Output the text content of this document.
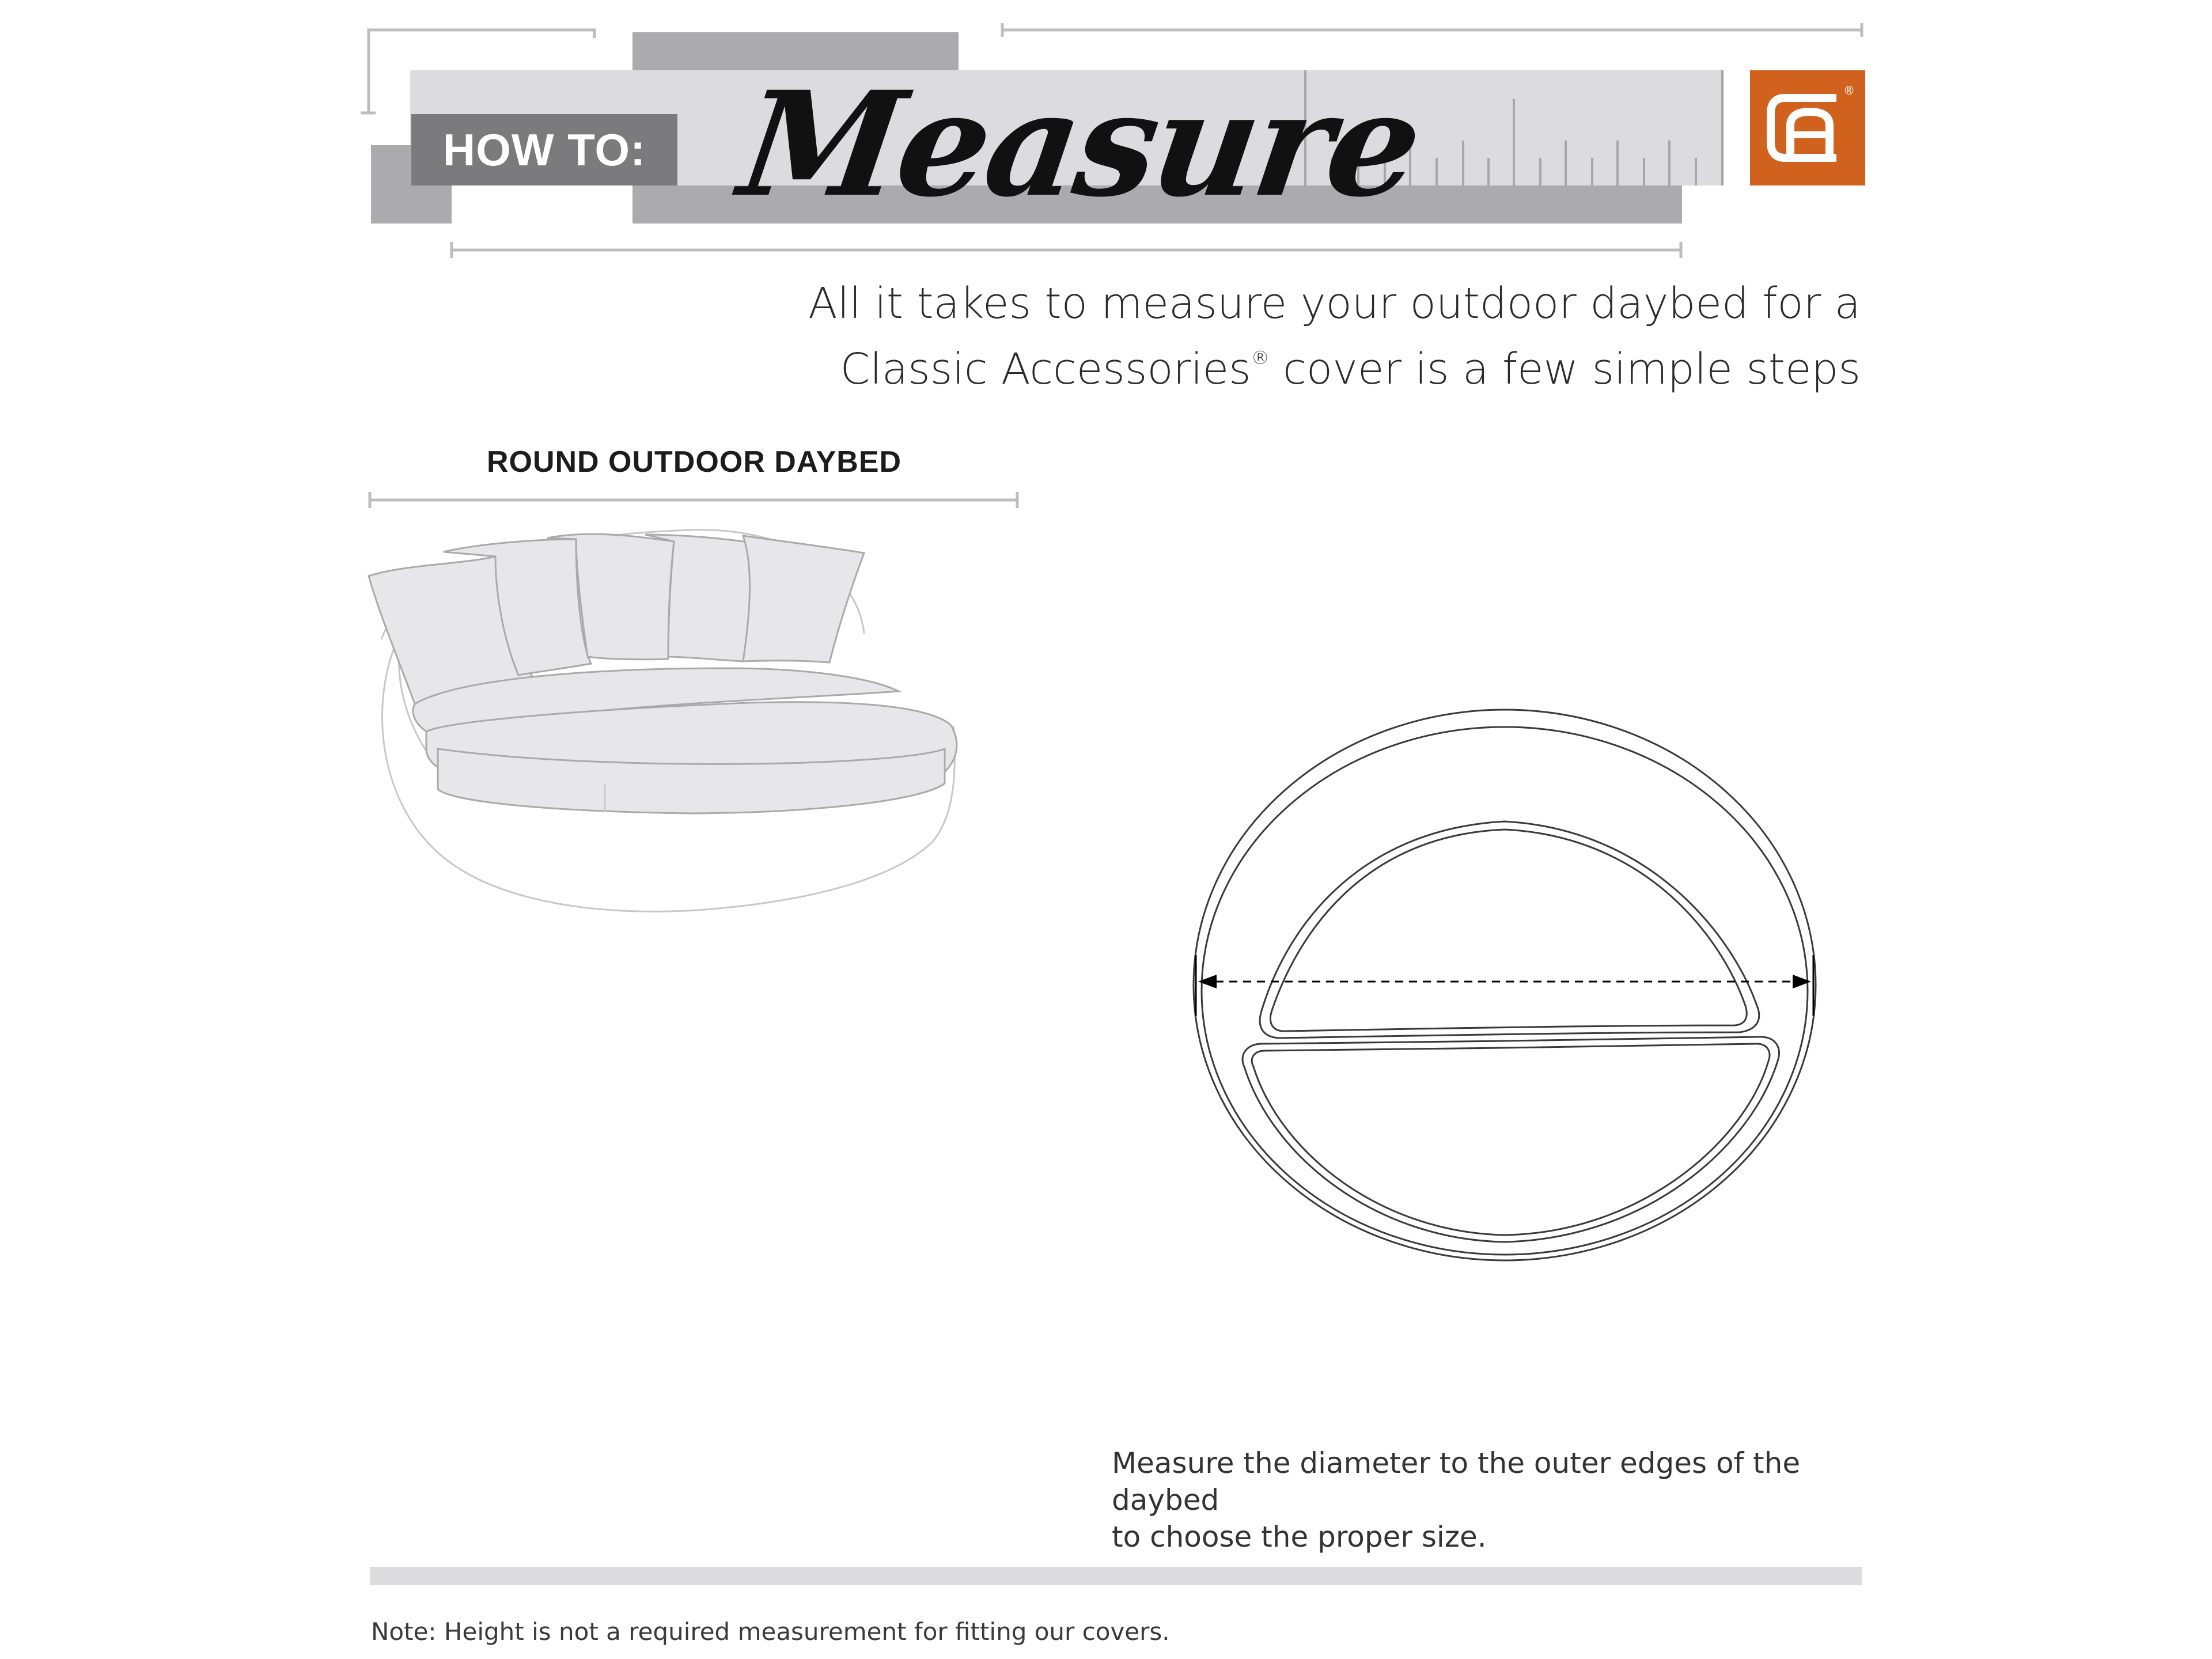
HOW TO: Measure	®
All it takes to measure your outdoor daybed for a
Classic Accessories® cover is a few simple steps
ROUND OUTDOOR DAYBED
Measure the diameter to the outer edges of the daybed
to choose the proper size.
Note: Height is not a required measurement for fitting our covers.
